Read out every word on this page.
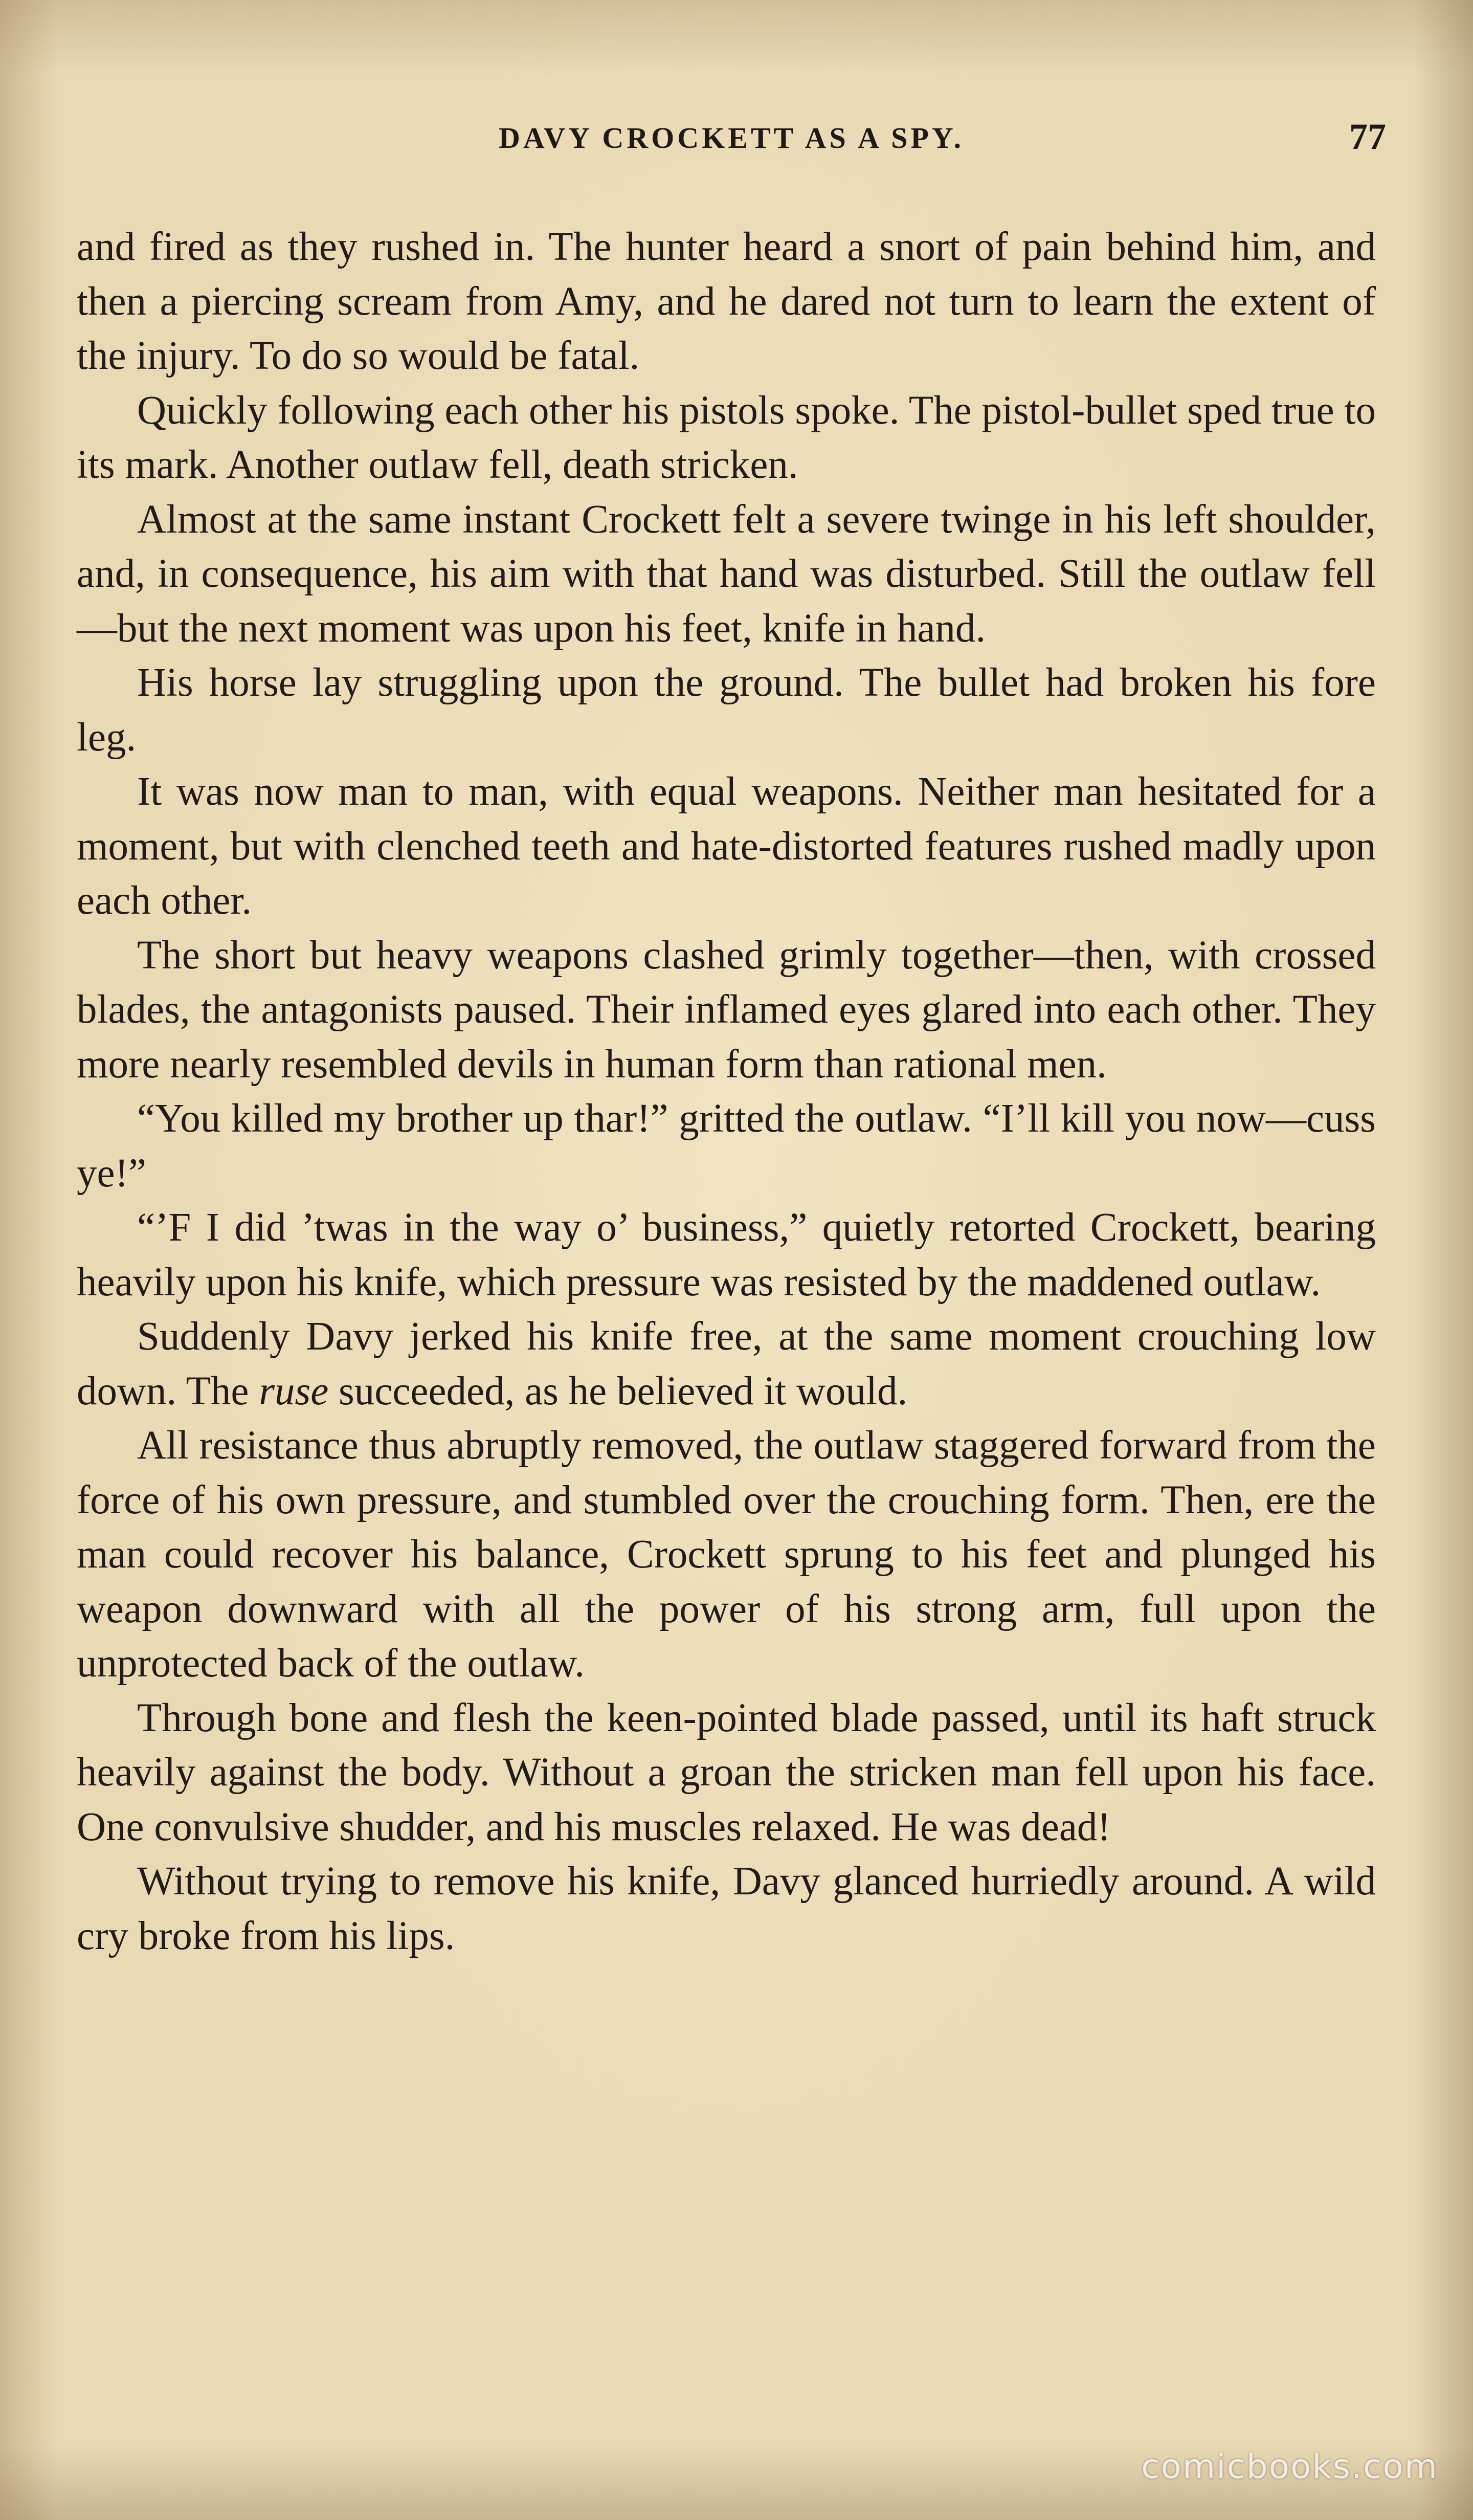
DAVY CROCKETT AS A SPY.	77

and fired as they rushed in. The hunter heard a snort of pain behind him, and then a piercing scream from Amy, and he dared not turn to learn the extent of the injury. To do so would be fatal.

Quickly following each other his pistols spoke. The pistol-bullet sped true to its mark. Another outlaw fell, death stricken.

Almost at the same instant Crockett felt a severe twinge in his left shoulder, and, in consequence, his aim with that hand was disturbed. Still the outlaw fell—but the next moment was upon his feet, knife in hand.

His horse lay struggling upon the ground. The bullet had broken his fore leg.

It was now man to man, with equal weapons. Neither man hesitated for a moment, but with clenched teeth and hate-distorted features rushed madly upon each other.

The short but heavy weapons clashed grimly together—then, with crossed blades, the antagonists paused. Their inflamed eyes glared into each other. They more nearly resembled devils in human form than rational men.

“You killed my brother up thar!” gritted the outlaw. “I’ll kill you now—cuss ye!”

“’F I did ’twas in the way o’ business,” quietly retorted Crockett, bearing heavily upon his knife, which pressure was resisted by the maddened outlaw.

Suddenly Davy jerked his knife free, at the same moment crouching low down. The ruse succeeded, as he believed it would.

All resistance thus abruptly removed, the outlaw staggered forward from the force of his own pressure, and stumbled over the crouching form. Then, ere the man could recover his balance, Crockett sprung to his feet and plunged his weapon downward with all the power of his strong arm, full upon the unprotected back of the outlaw.

Through bone and flesh the keen-pointed blade passed, until its haft struck heavily against the body. Without a groan the stricken man fell upon his face. One convulsive shudder, and his muscles relaxed. He was dead!

Without trying to remove his knife, Davy glanced hurriedly around. A wild cry broke from his lips.

comicbooks.com
